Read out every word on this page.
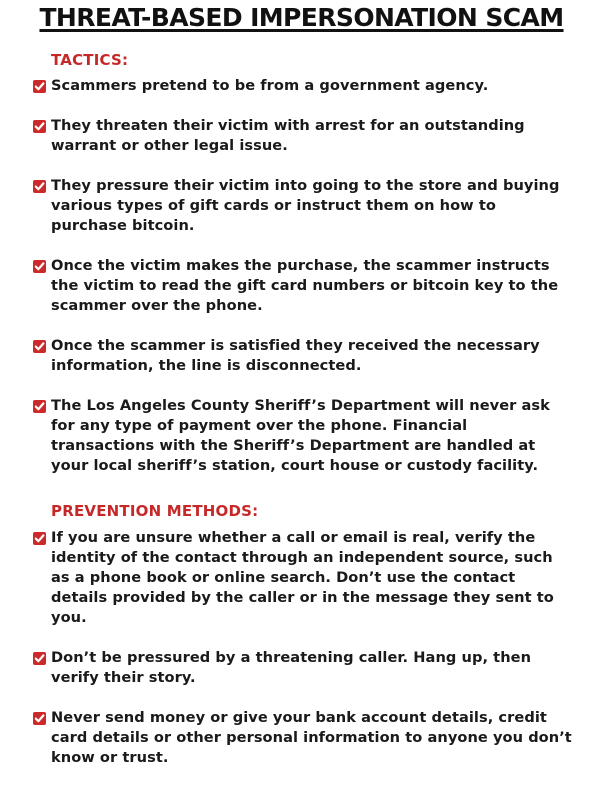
THREAT-BASED IMPERSONATION SCAM
TACTICS:
Scammers pretend to be from a government agency.
They threaten their victim with arrest for an outstanding warrant or other legal issue.
They pressure their victim into going to the store and buying various types of gift cards or instruct them on how to purchase bitcoin.
Once the victim makes the purchase, the scammer instructs the victim to read the gift card numbers or bitcoin key to the scammer over the phone.
Once the scammer is satisfied they received the necessary information, the line is disconnected.
The Los Angeles County Sheriff’s Department will never ask for any type of payment over the phone. Financial transactions with the Sheriff’s Department are handled at your local sheriff’s station, court house or custody facility.
PREVENTION METHODS:
If you are unsure whether a call or email is real, verify the identity of the contact through an independent source, such as a phone book or online search. Don’t use the contact details provided by the caller or in the message they sent to you.
Don’t be pressured by a threatening caller. Hang up, then verify their story.
Never send money or give your bank account details, credit card details or other personal information to anyone you don’t know or trust.
